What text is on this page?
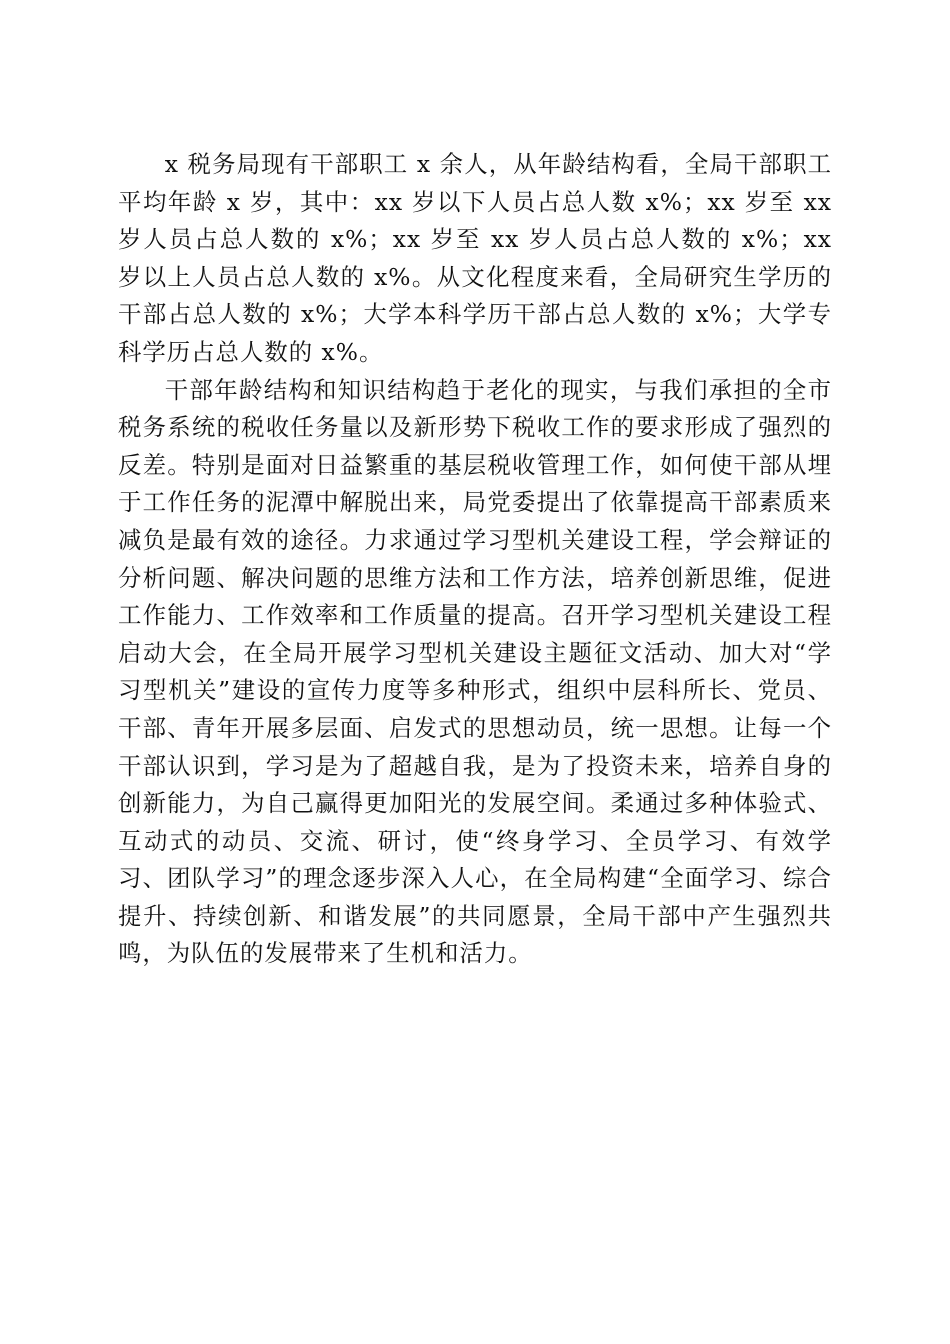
x 税务局现有干部职工 x 余人，从年龄结构看，全局干部职工平均年龄 x 岁，其中：xx 岁以下人员占总人数 x%；xx 岁至 xx 岁人员占总人数的 x%；xx 岁至 xx 岁人员占总人数的 x%；xx 岁以上人员占总人数的 x%。从文化程度来看，全局研究生学历的干部占总人数的 x%；大学本科学历干部占总人数的 x%；大学专科学历占总人数的 x%。

干部年龄结构和知识结构趋于老化的现实，与我们承担的全市税务系统的税收任务量以及新形势下税收工作的要求形成了强烈的反差。特别是面对日益繁重的基层税收管理工作，如何使干部从埋于工作任务的泥潭中解脱出来，局党委提出了依靠提高干部素质来减负是最有效的途径。力求通过学习型机关建设工程，学会辩证的分析问题、解决问题的思维方法和工作方法，培养创新思维，促进工作能力、工作效率和工作质量的提高。召开学习型机关建设工程启动大会，在全局开展学习型机关建设主题征文活动、加大对“学习型机关”建设的宣传力度等多种形式，组织中层科所长、党员、干部、青年开展多层面、启发式的思想动员，统一思想。让每一个干部认识到，学习是为了超越自我，是为了投资未来，培养自身的创新能力，为自己赢得更加阳光的发展空间。柔通过多种体验式、互动式的动员、交流、研讨，使“终身学习、全员学习、有效学习、团队学习”的理念逐步深入人心，在全局构建“全面学习、综合提升、持续创新、和谐发展”的共同愿景，全局干部中产生强烈共鸣，为队伍的发展带来了生机和活力。
